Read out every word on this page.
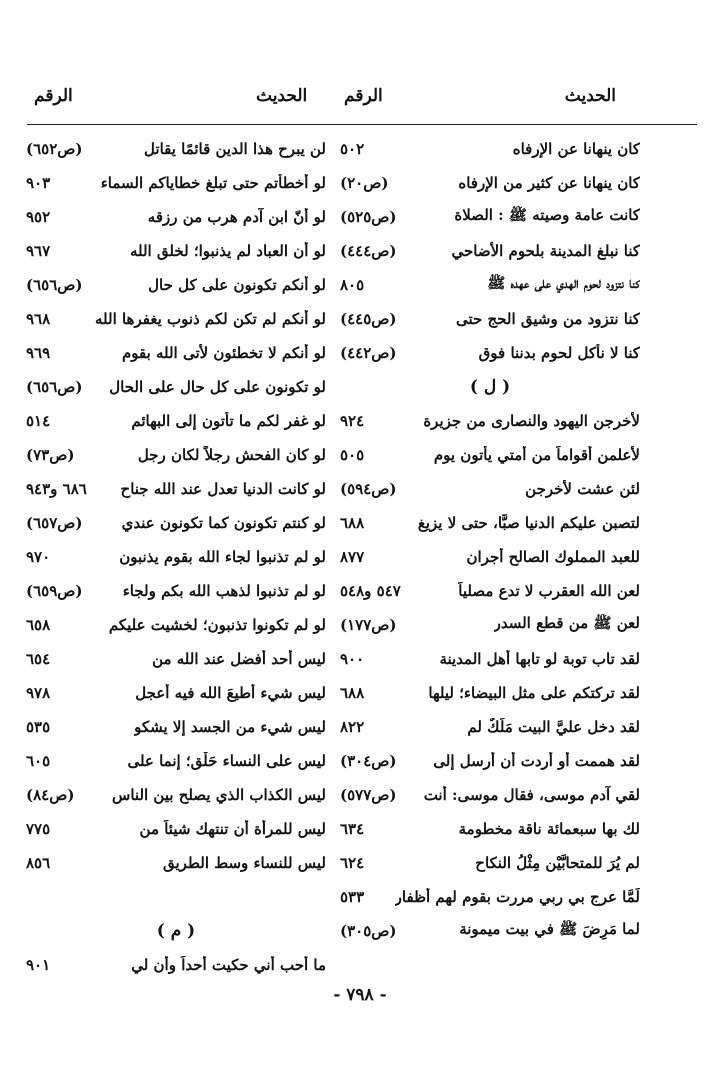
الحديث
الرقم
الحديث
الرقم
كان ينهانا عن الإرفاه
٥٠٢
كان ينهانا عن كثير من الإرفاه
(ص٢٠)
كانت عامة وصيته ﷺ : الصلاة
(ص٥٢٥)
كنا نبلغ المدينة بلحوم الأضاحي
(ص٤٤٤)
كنا نتزود لحوم الهدي على عهده ﷺ
٨٠٥
كنا نتزود من وشيق الحج حتى
(ص٤٤٥)
كنا لا نأكل لحوم بدننا فوق
(ص٤٤٢)
( ل )
لأخرجن اليهود والنصارى من جزيرة
٩٢٤
لأعلمن أقواماً من أمتي يأتون يوم
٥٠٥
لئن عشت لأخرجن
(ص٥٩٤)
لتصبن عليكم الدنيا صبًّا، حتى لا يزيغ
٦٨٨
للعبد المملوك الصالح أجران
٨٧٧
لعن الله العقرب لا تدع مصلياً
٥٤٧ و٥٤٨
لعن ﷺ من قطع السدر
(ص١٧٧)
لقد تاب توبة لو تابها أهل المدينة
٩٠٠
لقد تركتكم على مثل البيضاء؛ ليلها
٦٨٨
لقد دخل عليَّ البيت مَلَكٌ لم
٨٢٢
لقد هممت أو أردت أن أرسل إلى
(ص٣٠٤)
لقي آدم موسى، فقال موسى: أنت
(ص٥٧٧)
لك بها سبعمائة ناقة مخطومة
٦٣٤
لم يُرَ للمتحابَّيْن مِثْلُ النكاح
٦٢٤
لَمَّا عرج بي ربي مررت بقوم لهم أظفار
٥٣٣
لما مَرِضَ ﷺ في بيت ميمونة
(ص٣٠٥)
لن يبرح هذا الدين قائمًا يقاتل
(ص٦٥٢)
لو أخطأتم حتى تبلغ خطاياكم السماء
٩٠٣
لو أنّ ابن آدم هرب من رزقه
٩٥٢
لو أن العباد لم يذنبوا؛ لخلق الله
٩٦٧
لو أنكم تكونون على كل حال
(ص٦٥٦)
لو أنكم لم تكن لكم ذنوب يغفرها الله
٩٦٨
لو أنكم لا تخطئون لأتى الله بقوم
٩٦٩
لو تكونون على كل حال على الحال
(ص٦٥٦)
لو غفر لكم ما تأتون إلى البهائم
٥١٤
لو كان الفحش رجلاً لكان رجل
(ص٧٣)
لو كانت الدنيا تعدل عند الله جناح
٦٨٦ و٩٤٣
لو كنتم تكونون كما تكونون عندي
(ص٦٥٧)
لو لم تذنبوا لجاء الله بقوم يذنبون
٩٧٠
لو لم تذنبوا لذهب الله بكم ولجاء
(ص٦٥٩)
لو لم تكونوا تذنبون؛ لخشيت عليكم
٦٥٨
ليس أحد أفضل عند الله من
٦٥٤
ليس شيء أُطيعَ الله فيه أعجل
٩٧٨
ليس شيء من الجسد إلا يشكو
٥٣٥
ليس على النساء حَلْق؛ إنما على
٦٠٥
ليس الكذاب الذي يصلح بين الناس
(ص٨٤)
ليس للمرأة أن تنتهك شيئاً من
٧٧٥
ليس للنساء وسط الطريق
٨٥٦
( م )
ما أحب أني حكيت أحداً وأن لي
٩٠١
- ٧٩٨ -
